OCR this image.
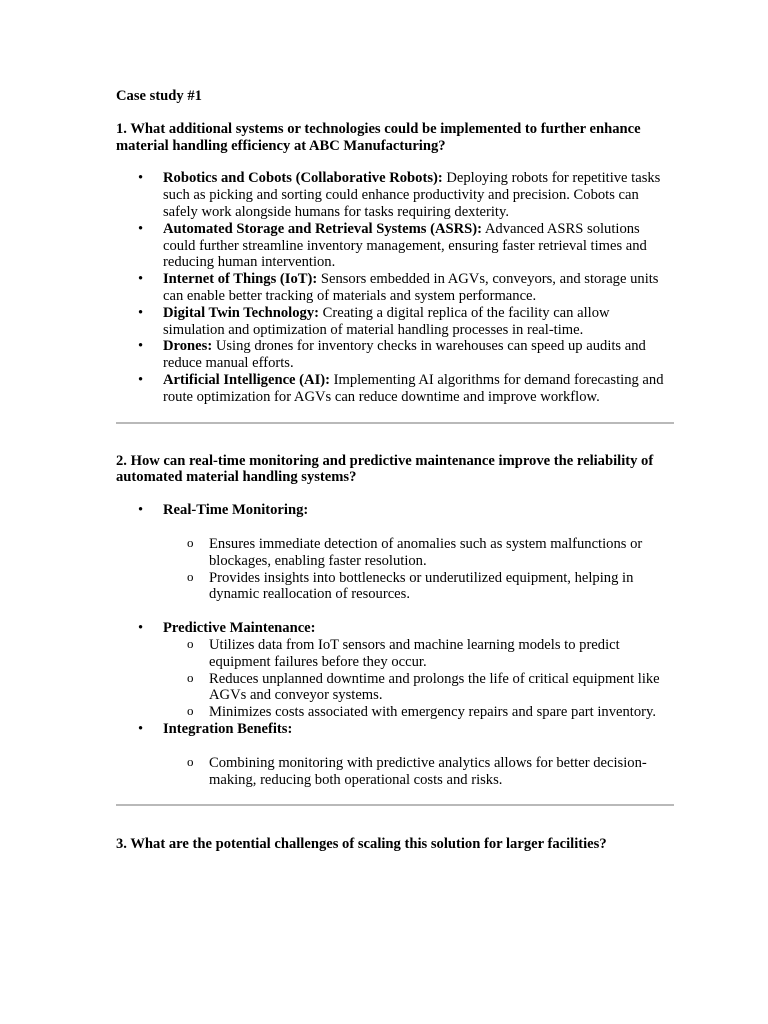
Case study #1

1. What additional systems or technologies could be implemented to further enhance material handling efficiency at ABC Manufacturing?

• Robotics and Cobots (Collaborative Robots): Deploying robots for repetitive tasks such as picking and sorting could enhance productivity and precision. Cobots can safely work alongside humans for tasks requiring dexterity.
• Automated Storage and Retrieval Systems (ASRS): Advanced ASRS solutions could further streamline inventory management, ensuring faster retrieval times and reducing human intervention.
• Internet of Things (IoT): Sensors embedded in AGVs, conveyors, and storage units can enable better tracking of materials and system performance.
• Digital Twin Technology: Creating a digital replica of the facility can allow simulation and optimization of material handling processes in real-time.
• Drones: Using drones for inventory checks in warehouses can speed up audits and reduce manual efforts.
• Artificial Intelligence (AI): Implementing AI algorithms for demand forecasting and route optimization for AGVs can reduce downtime and improve workflow.

2. How can real-time monitoring and predictive maintenance improve the reliability of automated material handling systems?

• Real-Time Monitoring:
o Ensures immediate detection of anomalies such as system malfunctions or blockages, enabling faster resolution.
o Provides insights into bottlenecks or underutilized equipment, helping in dynamic reallocation of resources.
• Predictive Maintenance:
o Utilizes data from IoT sensors and machine learning models to predict equipment failures before they occur.
o Reduces unplanned downtime and prolongs the life of critical equipment like AGVs and conveyor systems.
o Minimizes costs associated with emergency repairs and spare part inventory.
• Integration Benefits:
o Combining monitoring with predictive analytics allows for better decision-making, reducing both operational costs and risks.

3. What are the potential challenges of scaling this solution for larger facilities?
